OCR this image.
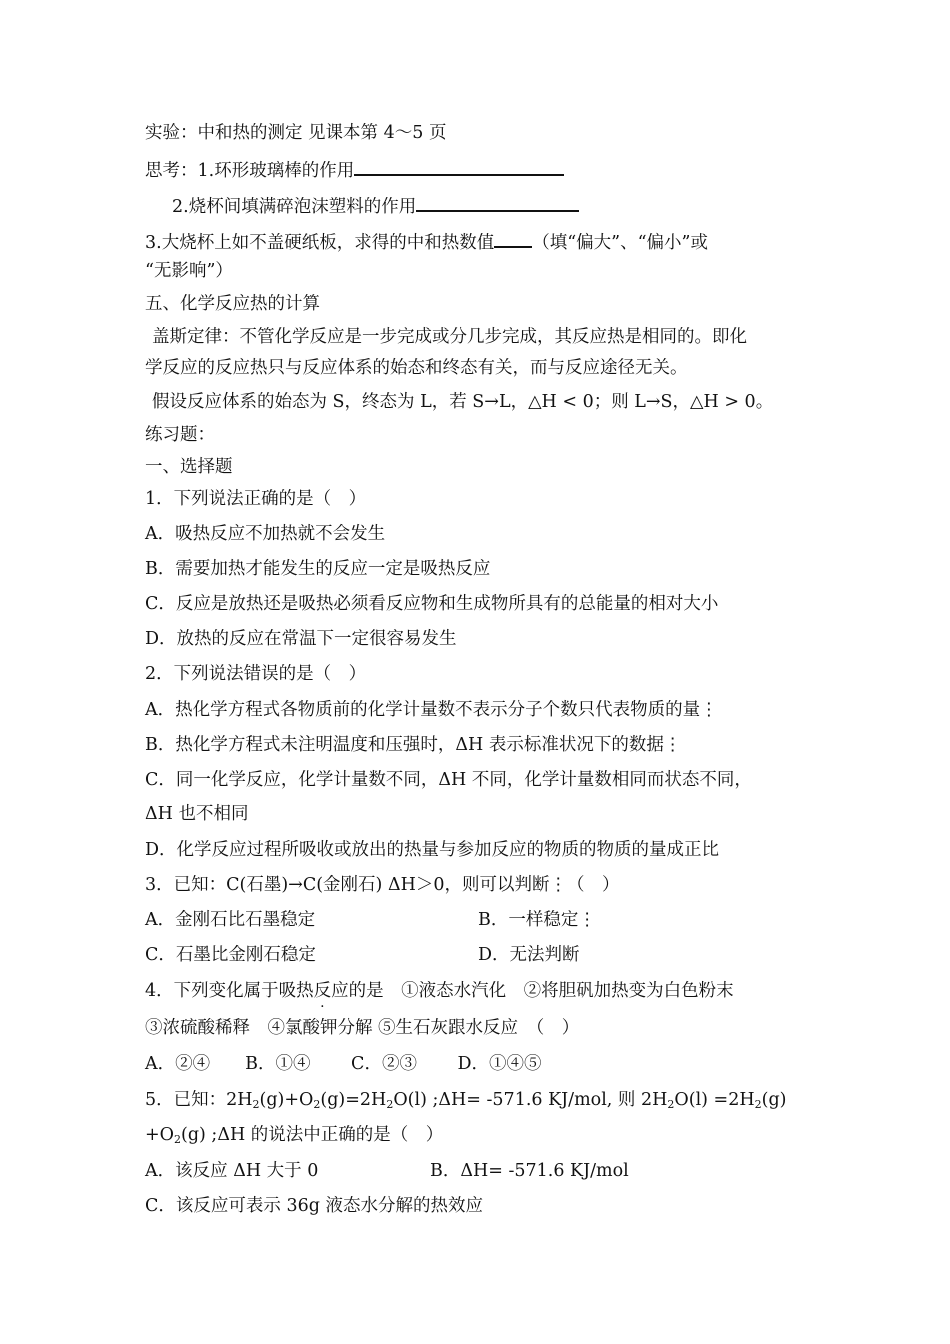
实验：中和热的测定 见课本第 4～5 页
思考：1.环形玻璃棒的作用
2.烧杯间填满碎泡沫塑料的作用
3.大烧杯上如不盖硬纸板，求得的中和热数值 （填“偏大”、“偏小”或
“无影响”）
五、化学反应热的计算
盖斯定律：不管化学反应是一步完成或分几步完成，其反应热是相同的。即化
学反应的反应热只与反应体系的始态和终态有关，而与反应途径无关。
假设反应体系的始态为 S，终态为 L，若 S→L，△H < 0；则 L→S，△H > 0。
练习题：
一、选择题
1．下列说法正确的是（　）
A．吸热反应不加热就不会发生
B．需要加热才能发生的反应一定是吸热反应
C．反应是放热还是吸热必须看反应物和生成物所具有的总能量的相对大小
D．放热的反应在常温下一定很容易发生
2．下列说法错误的是（　）
A．热化学方程式各物质前的化学计量数不表示分子个数只代表物质的量⋮
B．热化学方程式未注明温度和压强时，ΔH 表示标准状况下的数据⋮
C．同一化学反应，化学计量数不同，ΔH 不同，化学计量数相同而状态不同，
ΔH 也不相同
D．化学反应过程所吸收或放出的热量与参加反应的物质的物质的量成正比
3．已知：C(石墨)→C(金刚石) ΔH＞0，则可以判断⋮（　）
A．金刚石比石墨稳定	B．一样稳定⋮
C．石墨比金刚石稳定	D．无法判断
4．下列变化属于吸热反应的是　①液态水汽化　②将胆矾加热变为白色粉末
③浓硫酸稀释　④氯酸钾分解 ⑤生石灰跟水反应　（　）
A．②④　　B．①④　　 C．②③　　 D．①④⑤
5．已知：$2H_2(g)+O_2(g)=2H_2O(l)$ ;ΔH= -571.6 KJ/mol, 则 $2H_2O(l) =2H_2(g)$
$+O_2(g)$ ;ΔH 的说法中正确的是（　）
A．该反应 ΔH 大于 0	B．ΔH= -571.6 KJ/mol
C．该反应可表示 36g 液态水分解的热效应
